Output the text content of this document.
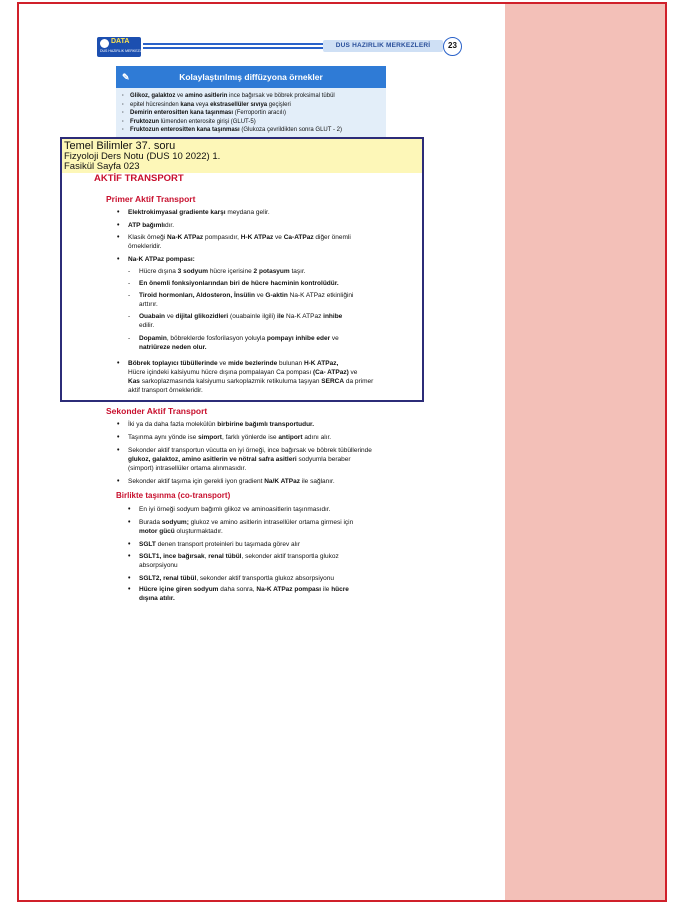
DATA
DUS HAZIRLIK MERKEZLERİ
DUS HAZIRLIK MERKEZLERİ	23
✎	Kolaylaştırılmış diffüzyona örnekler
· Glikoz, galaktoz ve amino asitlerin ince bağırsak ve böbrek proksimal tübül
· epitel hücresinden kana veya ekstrasellüler sıvıya geçişleri
· Demirin enterositten kana taşınması (Ferroportin aracılı)
· Fruktozun lümenden enterosite girişi (GLUT-5)
· Fruktozun enterositten kana taşınması (Glukoza çevrildikten sonra GLUT - 2)
Temel Bilimler 37. soru
Fizyoloji Ders Notu (DUS 10 2022) 1.
Fasikül Sayfa 023
AKTİF TRANSPORT
Primer Aktif Transport
• Elektrokimyasal gradiente karşı meydana gelir.
• ATP bağımlıdır.
• Klasik örneği Na-K ATPaz pompasıdır, H-K ATPaz ve Ca-ATPaz diğer önemli
örnekleridir.
• Na-K ATPaz pompası:
- Hücre dışına 3 sodyum hücre içerisine 2 potasyum taşır.
- En önemli fonksiyonlarından biri de hücre hacminin kontrolüdür.
- Tiroid hormonları, Aldosteron, İnsülin ve G-aktin Na-K ATPaz etkinliğini
arttırır.
- Ouabain ve dijital glikozidleri (ouabainle ilgili) ile Na-K ATPaz inhibe
edilir.
- Dopamin, böbreklerde fosforilasyon yoluyla pompayı inhibe eder ve
natriüreze neden olur.
• Böbrek toplayıcı tübüllerinde ve mide bezlerinde bulunan H-K ATPaz,
Hücre içindeki kalsiyumu hücre dışına pompalayan Ca pompası (Ca- ATPaz) ve
Kas sarkoplazmasında kalsiyumu sarkoplazmik retikuluma taşıyan SERCA da primer
aktif transport örnekleridir.
Sekonder Aktif Transport
• İki ya da daha fazla molekülün birbirine bağımlı transportudur.
• Taşınma aynı yönde ise simport, farklı yönlerde ise antiport adını alır.
• Sekonder aktif transportun vücutta en iyi örneği, ince bağırsak ve böbrek tübüllerinde
glukoz, galaktoz, amino asitlerin ve nötral safra asitleri sodyumla beraber
(simport) intrasellüler ortama alınmasıdır.
• Sekonder aktif taşıma için gerekli iyon gradient Na/K ATPaz ile sağlanır.
Birlikte taşınma (co-transport)
• En iyi örneği sodyum bağımlı glikoz ve aminoasitlerin taşınmasıdır.
• Burada sodyum; glukoz ve amino asitlerin intrasellüler ortama girmesi için
motor gücü oluşturmaktadır.
• SGLT denen transport proteinleri bu taşımada görev alır
• SGLT1, ince bağırsak, renal tübül, sekonder aktif transportla glukoz
absorpsiyonu
• SGLT2, renal tübül, sekonder aktif transportla glukoz absorpsiyonu
• Hücre içine giren sodyum daha sonra, Na-K ATPaz pompası ile hücre
dışına atılır.
